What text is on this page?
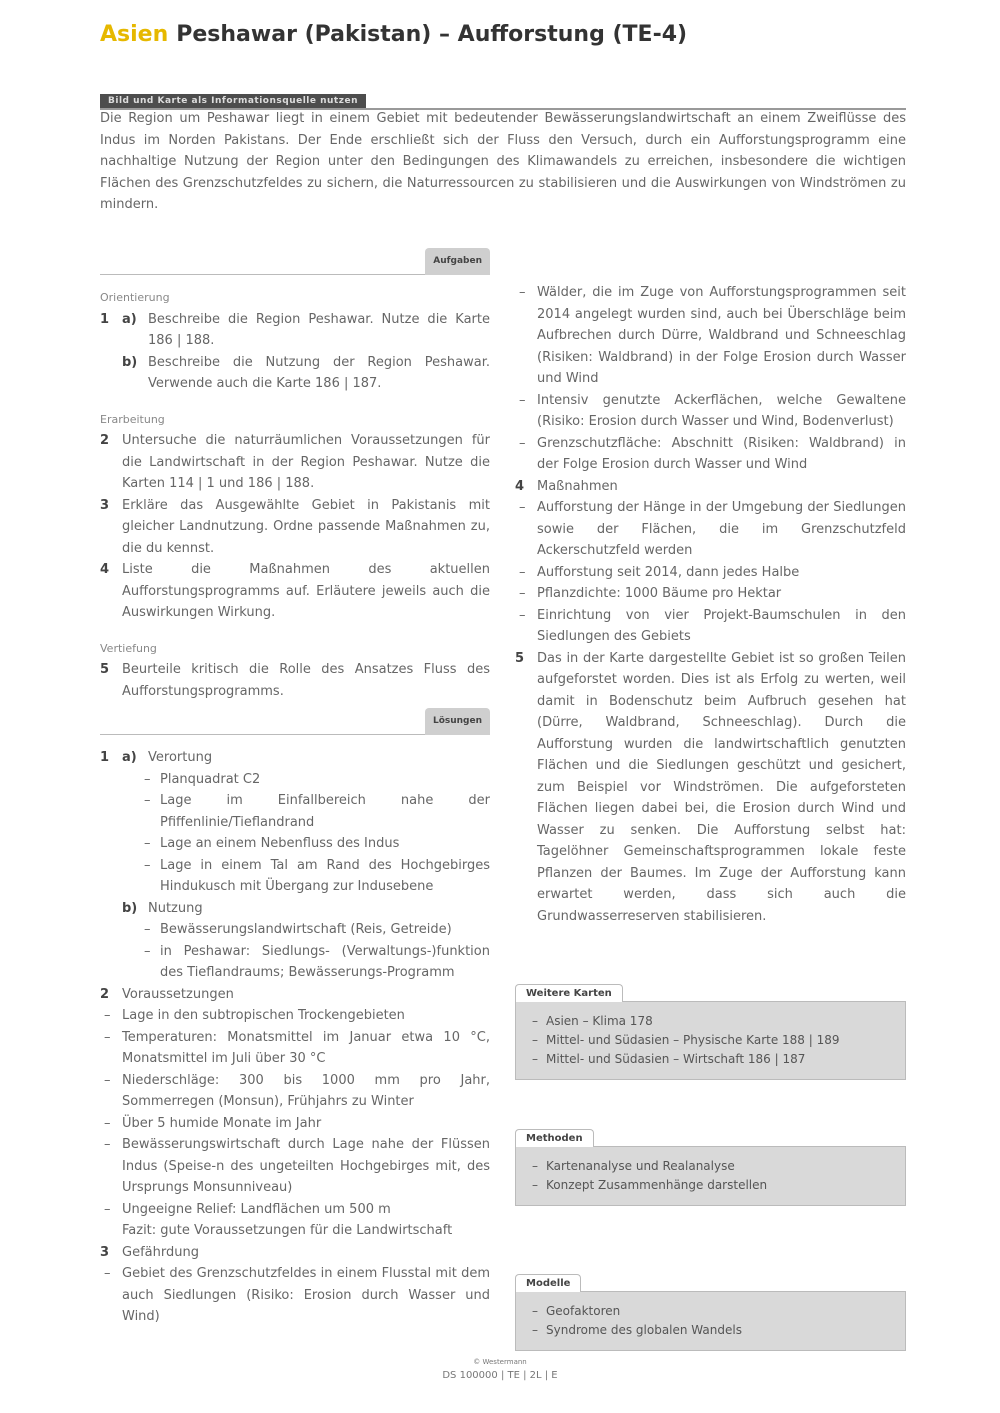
Asien Peshawar (Pakistan) – Aufforstung (TE-4)
Bild und Karte als Informationsquelle nutzen
Die Region um Peshawar liegt in einem Gebiet mit bedeutender Bewässerungslandwirtschaft an einem Zweiflüsse des Indus im Norden Pakistans. Der Ende erschließt sich der Fluss den Versuch, durch ein Aufforstungsprogramm eine nachhaltige Nutzung der Region unter den Bedingungen des Klimawandels zu erreichen, insbesondere die wichtigen Flächen des Grenzschutzfeldes zu sichern, die Naturressourcen zu stabilisieren und die Auswirkungen von Windströmen zu mindern.
Aufgaben
Orientierung
1 a) Beschreibe die Region Peshawar. Nutze die Karte 186 | 188.
b) Beschreibe die Nutzung der Region Peshawar. Verwende auch die Karte 186 | 187.
Erarbeitung
2 Untersuche die naturräumlichen Voraussetzungen für die Landwirtschaft in der Region Peshawar. Nutze die Karten 114 | 1 und 186 | 188.
3 Erkläre das Ausgewählte Gebiet in Pakistanis mit gleicher Landnutzung. Ordne passende Maßnahmen zu, die du kennst.
4 Liste die Maßnahmen des aktuellen Aufforstungsprogramms auf. Erläutere jeweils auch die Auswirkungen Wirkung.
Vertiefung
5 Beurteile kritisch die Rolle des Ansatzes Fluss des Aufforstungsprogramms.
Lösungen
1 a) Verortung
– Planquadrat C2
– Lage im Einfallbereich nahe der Pfiffenlinie/Tieflandrand
– Lage an einem Nebenfluss des Indus
– Lage in einem Tal am Rand des Hochgebirges Hindukusch mit Übergang zur Indusebene
b) Nutzung
– Bewässerungslandwirtschaft (Reis, Getreide)
– in Peshawar: Siedlungs- (Verwaltungs-)funktion des Tieflandraums; Bewässerungs-Programm
2 Voraussetzungen
– Lage in den subtropischen Trockengebieten
– Temperaturen: Monatsmittel im Januar etwa 10 °C, Monatsmittel im Juli über 30 °C
– Niederschläge: 300 bis 1000 mm pro Jahr, Sommerregen (Monsun), Frühjahrs zu Winter
– Über 5 humide Monate im Jahr
– Bewässerungswirtschaft durch Lage nahe der Flüssen Indus (Speise-n des ungeteilten Hochgebirges mit, des Ursprungs Monsunniveau)
– Ungeeigne Relief: Landflächen um 500 m
Fazit: gute Voraussetzungen für die Landwirtschaft
3 Gefährdung
– Gebiet des Grenzschutzfeldes in einem Flusstal mit dem auch Siedlungen (Risiko: Erosion durch Wasser und Wind)
– Wälder, die im Zuge von Aufforstungsprogrammen seit 2014 angelegt wurden sind, auch bei Überschläge beim Aufbrechen durch Dürre, Waldbrand und Schneeschlag (Risiken: Waldbrand) in der Folge Erosion durch Wasser und Wind
– Intensiv genutzte Ackerflächen, welche Gewaltene (Risiko: Erosion durch Wasser und Wind, Bodenverlust)
– Grenzschutzfläche: Abschnitt (Risiken: Waldbrand) in der Folge Erosion durch Wasser und Wind
4 Maßnahmen
– Aufforstung der Hänge in der Umgebung der Siedlungen sowie der Flächen, die im Grenzschutzfeld Ackerschutzfeld werden
– Aufforstung seit 2014, dann jedes Halbe
– Pflanzdichte: 1000 Bäume pro Hektar
– Einrichtung von vier Projekt-Baumschulen in den Siedlungen des Gebiets
5 Das in der Karte dargestellte Gebiet ist so großen Teilen aufgeforstet worden. Dies ist als Erfolg zu werten, weil damit in Bodenschutz beim Aufbruch gesehen hat (Dürre, Waldbrand, Schneeschlag). Durch die Aufforstung wurden die landwirtschaftlich genutzten Flächen und die Siedlungen geschützt und gesichert, zum Beispiel vor Windströmen. Die aufgeforsteten Flächen liegen dabei bei, die Erosion durch Wind und Wasser zu senken. Die Aufforstung selbst hat: Tagelöhner Gemeinschaftsprogrammen lokale feste Pflanzen der Baumes. Im Zuge der Aufforstung kann erwartet werden, dass sich auch die Grundwasserreserven stabilisieren.
Weitere Karten
– Asien – Klima 178
– Mittel- und Südasien – Physische Karte 188 | 189
– Mittel- und Südasien – Wirtschaft 186 | 187
Methoden
– Kartenanalyse und Realanalyse
– Konzept Zusammenhänge darstellen
Modelle
– Geofaktoren
– Syndrome des globalen Wandels
© Westermann
DS 100000 | TE | 2L | E
